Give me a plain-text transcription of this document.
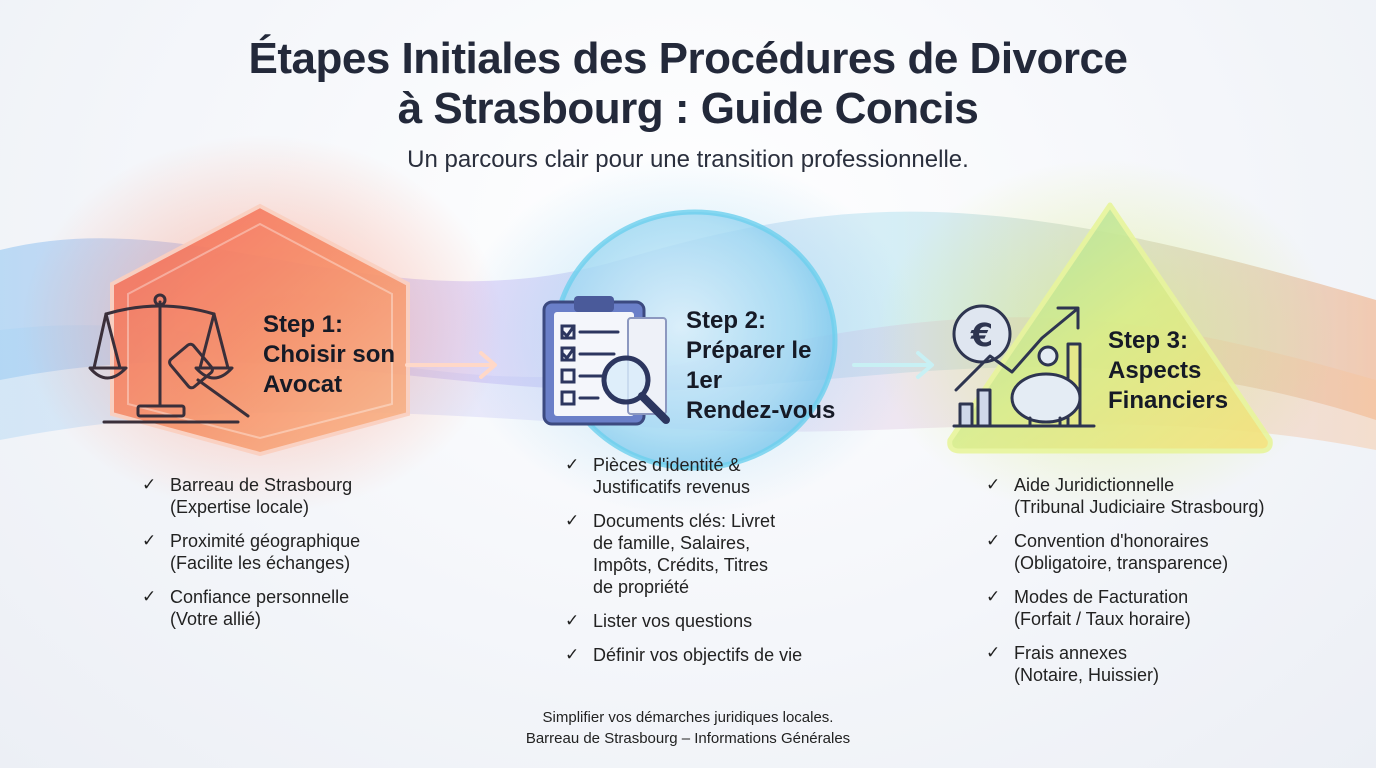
Étapes Initiales des Procédures de Divorce
à Strasbourg : Guide Concis

Un parcours clair pour une transition professionnelle.

Step 1:
Choisir son
Avocat
Step 2:
Préparer le
1er
Rendez-vous
€	Step 3:
Aspects
Financiers
✓ Barreau de Strasbourg
(Expertise locale)
✓ Proximité géographique
(Facilite les échanges)
✓ Confiance personnelle
(Votre allié)
✓ Pièces d'identité &
Justificatifs revenus
✓ Documents clés: Livret
de famille, Salaires,
Impôts, Crédits, Titres
de propriété
✓ Lister vos questions
✓ Définir vos objectifs de vie
✓ Aide Juridictionnelle
(Tribunal Judiciaire Strasbourg)
✓ Convention d'honoraires
(Obligatoire, transparence)
✓ Modes de Facturation
(Forfait / Taux horaire)
✓ Frais annexes
(Notaire, Huissier)
Simplifier vos démarches juridiques locales.
Barreau de Strasbourg – Informations Générales
